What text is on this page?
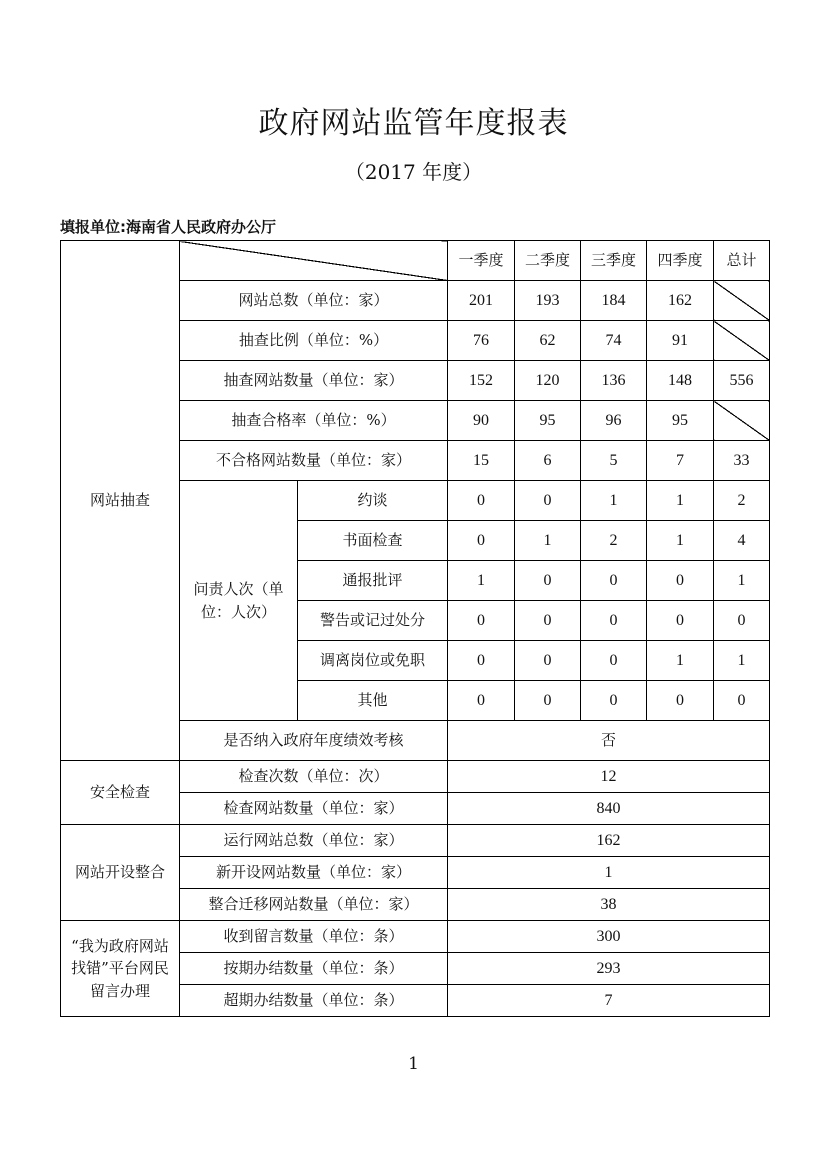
政府网站监管年度报表
（2017 年度）
填报单位:海南省人民政府办公厅
网站抽查			一季度	二季度	三季度	四季度	总计
	网站总数（单位：家）		201	193	184	162	
	抽查比例（单位：%）		76	62	74	91	
	抽查网站数量（单位：家）		152	120	136	148	556
	抽查合格率（单位：%）		90	95	96	95	
	不合格网站数量（单位：家）		15	6	5	7	33
	问责人次（单位：人次）	约谈	0	0	1	1	2
		书面检查	0	1	2	1	4
		通报批评	1	0	0	0	1
		警告或记过处分	0	0	0	0	0
		调离岗位或免职	0	0	0	1	1
		其他	0	0	0	0	0
	是否纳入政府年度绩效考核		否				
安全检查	检查次数（单位：次）		12				
	检查网站数量（单位：家）		840				
网站开设整合	运行网站总数（单位：家）		162				
	新开设网站数量（单位：家）		1				
	整合迁移网站数量（单位：家）		38				
“我为政府网站找错”平台网民留言办理	收到留言数量（单位：条）		300				
	按期办结数量（单位：条）		293				
	超期办结数量（单位：条）		7				
1
